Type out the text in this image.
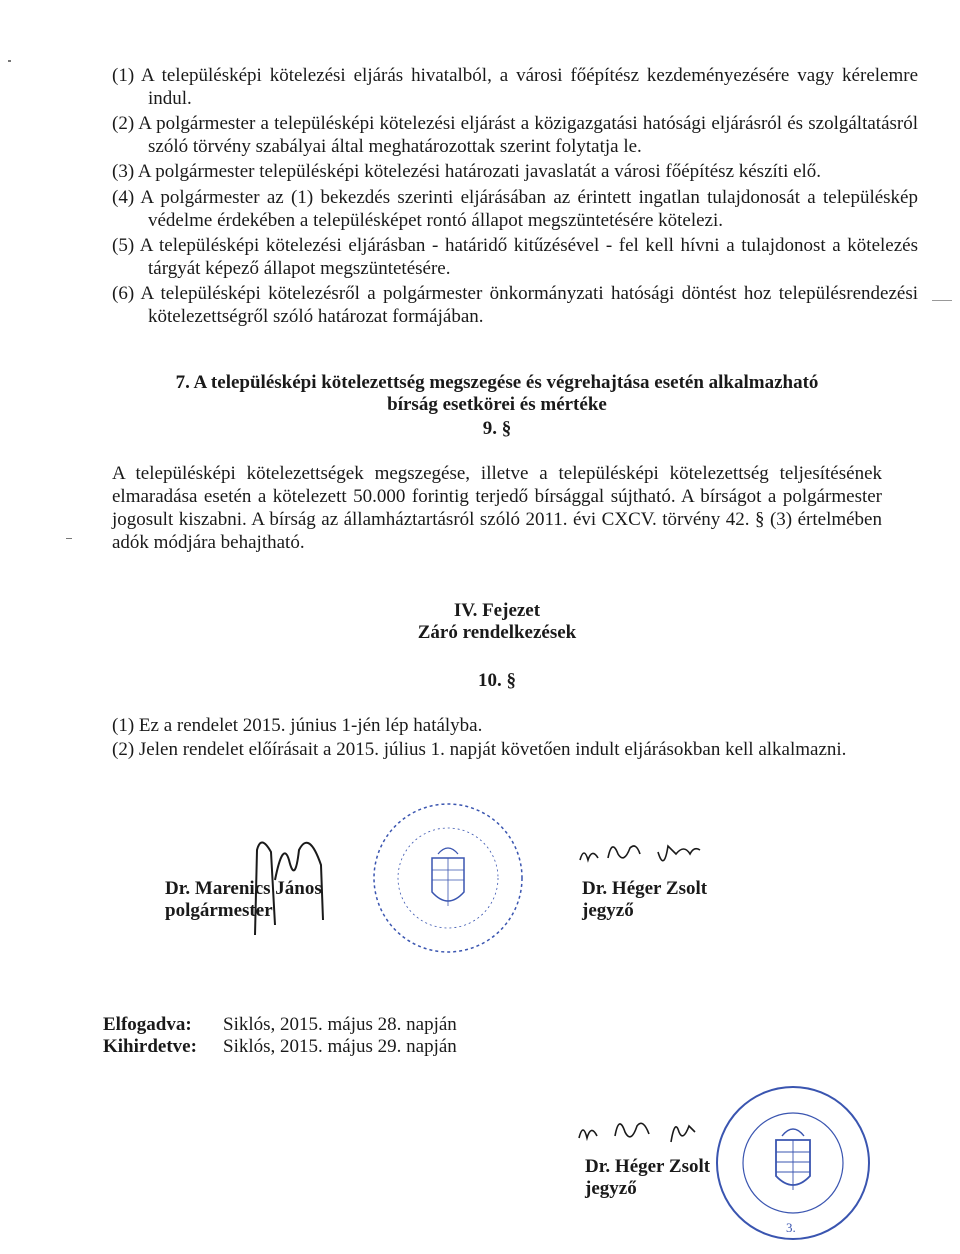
(1) A településképi kötelezési eljárás hivatalból, a városi főépítész kezdeményezésére vagy kérelemre indul.
(2) A polgármester a településképi kötelezési eljárást a közigazgatási hatósági eljárásról és szolgáltatásról szóló törvény szabályai által meghatározottak szerint folytatja le.
(3) A polgármester településképi kötelezési határozati javaslatát a városi főépítész készíti elő.
(4) A polgármester az (1) bekezdés szerinti eljárásában az érintett ingatlan tulajdonosát a településkép védelme érdekében a településképet rontó állapot megszüntetésére kötelezi.
(5) A településképi kötelezési eljárásban - határidő kitűzésével - fel kell hívni a tulajdonost a kötelezés tárgyát képező állapot megszüntetésére.
(6) A településképi kötelezésről a polgármester önkormányzati hatósági döntést hoz településrendezési kötelezettségről szóló határozat formájában.
7. A településképi kötelezettség megszegése és végrehajtása esetén alkalmazható
bírság esetkörei és mértéke
9. §
A településképi kötelezettségek megszegése, illetve a településképi kötelezettség teljesítésének elmaradása esetén a kötelezett 50.000 forintig terjedő bírsággal sújtható. A bírságot a polgármester jogosult kiszabni. A bírság az államháztartásról szóló 2011. évi CXCV. törvény 42. § (3) értelmében adók módjára behajtható.
IV. Fejezet
Záró rendelkezések
10. §
(1) Ez a rendelet 2015. június 1-jén lép hatályba.
(2) Jelen rendelet előírásait a 2015. július 1. napját követően indult eljárásokban kell alkalmazni.
Dr. Marenics János
polgármester
Dr. Héger Zsolt
jegyző
Elfogadva: Siklós, 2015. május 28. napján
Kihirdetve: Siklós, 2015. május 29. napján
Dr. Héger Zsolt
jegyző
3.
